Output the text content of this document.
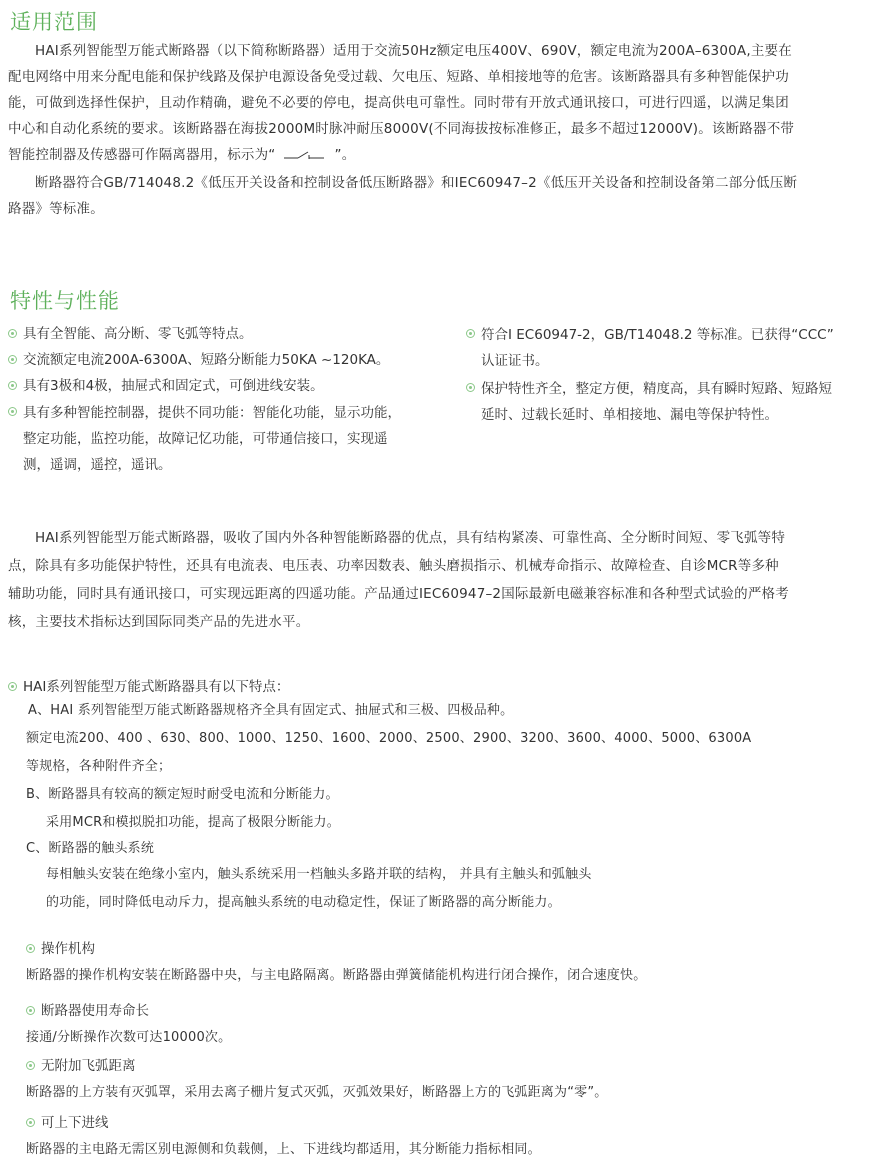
适用范围
HAI系列智能型万能式断路器（以下简称断路器）适用于交流50Hz额定电压400V、690V，额定电流为200A–6300A,主要在
配电网络中用来分配电能和保护线路及保护电源设备免受过载、欠电压、短路、单相接地等的危害。该断路器具有多种智能保护功
能，可做到选择性保护，且动作精确，避免不必要的停电，提高供电可靠性。同时带有开放式通讯接口，可进行四遥，以满足集团
中心和自动化系统的要求。该断路器在海拔2000M时脉冲耐压8000V(不同海拔按标准修正，最多不超过12000V)。该断路器不带
智能控制器及传感器可作隔离器用，标示为“	”。
断路器符合GB/714048.2《低压开关设备和控制设备低压断路器》和IEC60947–2《低压开关设备和控制设备第二部分低压断
路器》等标准。
特性与性能
具有全智能、高分断、零飞弧等特点。
交流额定电流200A-6300A、短路分断能力50KA ~120KA。
具有3极和4极，抽屉式和固定式，可倒进线安装。
具有多种智能控制器，提供不同功能：智能化功能，显示功能，
整定功能，监控功能，故障记忆功能，可带通信接口，实现遥
测，遥调，遥控，遥讯。
符合I EC60947-2，GB/T14048.2 等标准。已获得“CCC”
认证证书。
保护特性齐全，整定方便，精度高，具有瞬时短路、短路短
延时、过载长延时、单相接地、漏电等保护特性。
HAI系列智能型万能式断路器，吸收了国内外各种智能断路器的优点，具有结构紧凑、可靠性高、全分断时间短、零飞弧等特
点，除具有多功能保护特性，还具有电流表、电压表、功率因数表、触头磨损指示、机械寿命指示、故障检查、自诊MCR等多种
辅助功能，同时具有通讯接口，可实现远距离的四遥功能。产品通过IEC60947–2国际最新电磁兼容标准和各种型式试验的严格考
核，主要技术指标达到国际同类产品的先进水平。
HAI系列智能型万能式断路器具有以下特点：
A、HAI 系列智能型万能式断路器规格齐全具有固定式、抽屉式和三极、四极品种。
额定电流200、400 、630、800、1000、1250、1600、2000、2500、2900、3200、3600、4000、5000、6300A
等规格，各种附件齐全；
B、断路器具有较高的额定短时耐受电流和分断能力。
采用MCR和模拟脱扣功能，提高了极限分断能力。
C、断路器的触头系统
每相触头安装在绝缘小室内，触头系统采用一档触头多路并联的结构， 并具有主触头和弧触头
的功能，同时降低电动斥力，提高触头系统的电动稳定性，保证了断路器的高分断能力。
操作机构
断路器的操作机构安装在断路器中央，与主电路隔离。断路器由弹簧储能机构进行闭合操作，闭合速度快。
断路器使用寿命长
接通/分断操作次数可达10000次。
无附加飞弧距离
断路器的上方装有灭弧罩，采用去离子栅片复式灭弧，灭弧效果好，断路器上方的飞弧距离为“零”。
可上下进线
断路器的主电路无需区别电源侧和负载侧，上、下进线均都适用，其分断能力指标相同。
